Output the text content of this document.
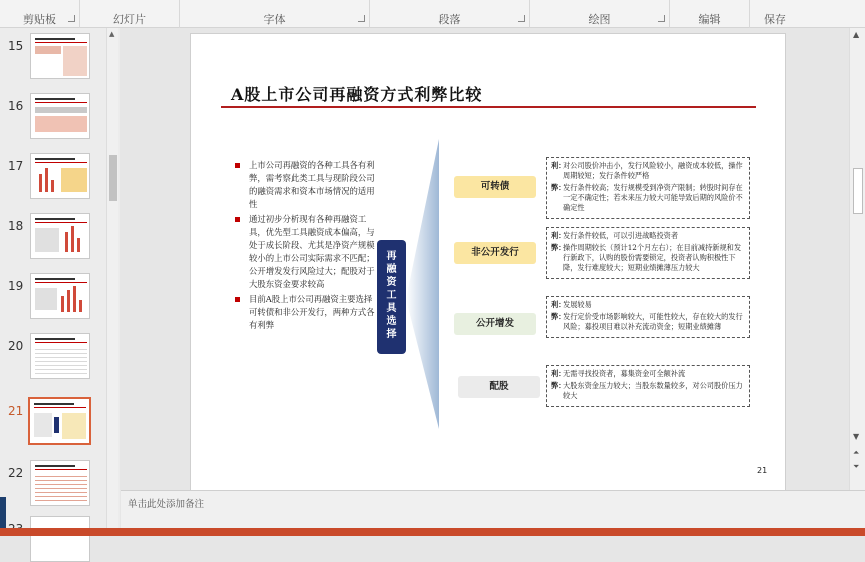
剪贴板	幻灯片	字体	段落	绘图	编辑	保存
15
16
17
18
19
20
21
22
▲
A股上市公司再融资方式利弊比较
上市公司再融资的各种工具各有利弊，需考察此类工具与现阶段公司的融资需求和资本市场情况的适用性
通过初步分析现有各种再融资工具，优先型工具融资成本偏高，与处于成长阶段、尤其是净资产规模较小的上市公司实际需求不匹配；公开增发发行风险过大；配股对于大股东资金要求较高
目前A股上市公司再融资主要选择可转债和非公开发行，两种方式各有利弊
再融资工具选择
可转债
非公开发行
公开增发
配股

利：
对公司股价冲击小，发行风险较小，融资成本较低，操作周期较短；发行条件较严格

弊：
发行条件较高；发行规模受到净资产限制；转股时间存在一定不确定性；若未来压力较大可能导致后期的风险价不确定性

利：
发行条件较低，可以引进战略投资者

弊：
操作周期较长（预计12个月左右）；在目前减持新规和发行新政下，认购的股份需要锁定，投资者认购积极性下降，发行难度较大；短期业绩摊薄压力较大

利：
发展较易

弊：
发行定价受市场影响较大，可能性较大，存在较大的发行风险；募投项目难以补充流动资金；短期业绩摊薄

利：
无需寻找投资者，募集资金可全额补流

弊：
大股东资金压力较大；当股东数量较多，对公司股价压力较大

21
▲
▼
⏶
⏷
单击此处添加备注
